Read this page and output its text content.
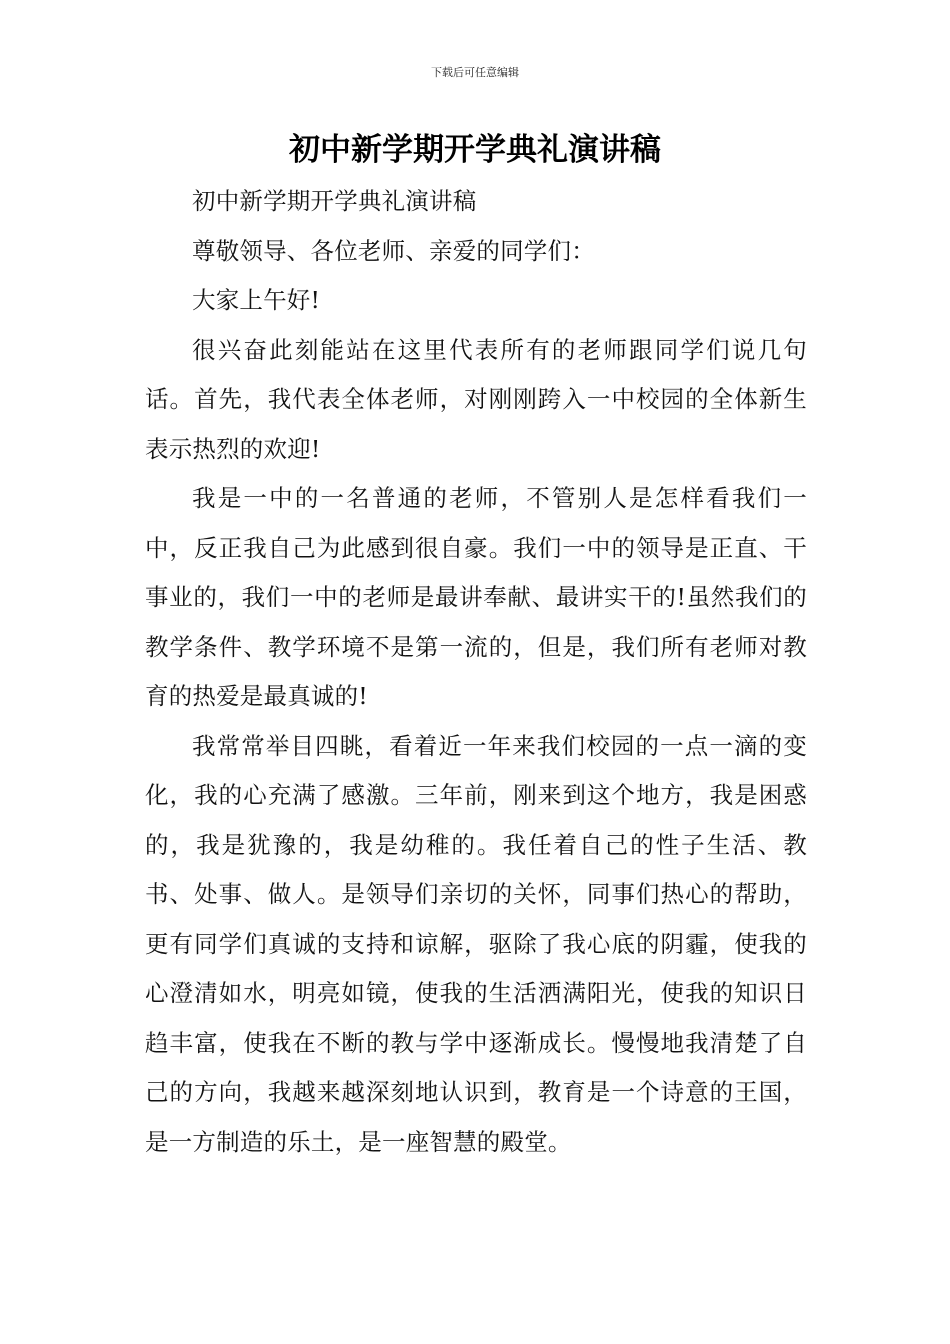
下载后可任意编辑
初中新学期开学典礼演讲稿

初中新学期开学典礼演讲稿

尊敬领导、各位老师、亲爱的同学们：

大家上午好!

很兴奋此刻能站在这里代表所有的老师跟同学们说几句话。首先，我代表全体老师，对刚刚跨入一中校园的全体新生表示热烈的欢迎!

我是一中的一名普通的老师，不管别人是怎样看我们一中，反正我自己为此感到很自豪。我们一中的领导是正直、干事业的，我们一中的老师是最讲奉献、最讲实干的!虽然我们的教学条件、教学环境不是第一流的，但是，我们所有老师对教育的热爱是最真诚的!

我常常举目四眺，看着近一年来我们校园的一点一滴的变化，我的心充满了感激。三年前，刚来到这个地方，我是困惑的，我是犹豫的，我是幼稚的。我任着自己的性子生活、教书、处事、做人。是领导们亲切的关怀，同事们热心的帮助，更有同学们真诚的支持和谅解，驱除了我心底的阴霾，使我的心澄清如水，明亮如镜，使我的生活洒满阳光，使我的知识日趋丰富，使我在不断的教与学中逐渐成长。慢慢地我清楚了自己的方向，我越来越深刻地认识到，教育是一个诗意的王国，是一方制造的乐土，是一座智慧的殿堂。
